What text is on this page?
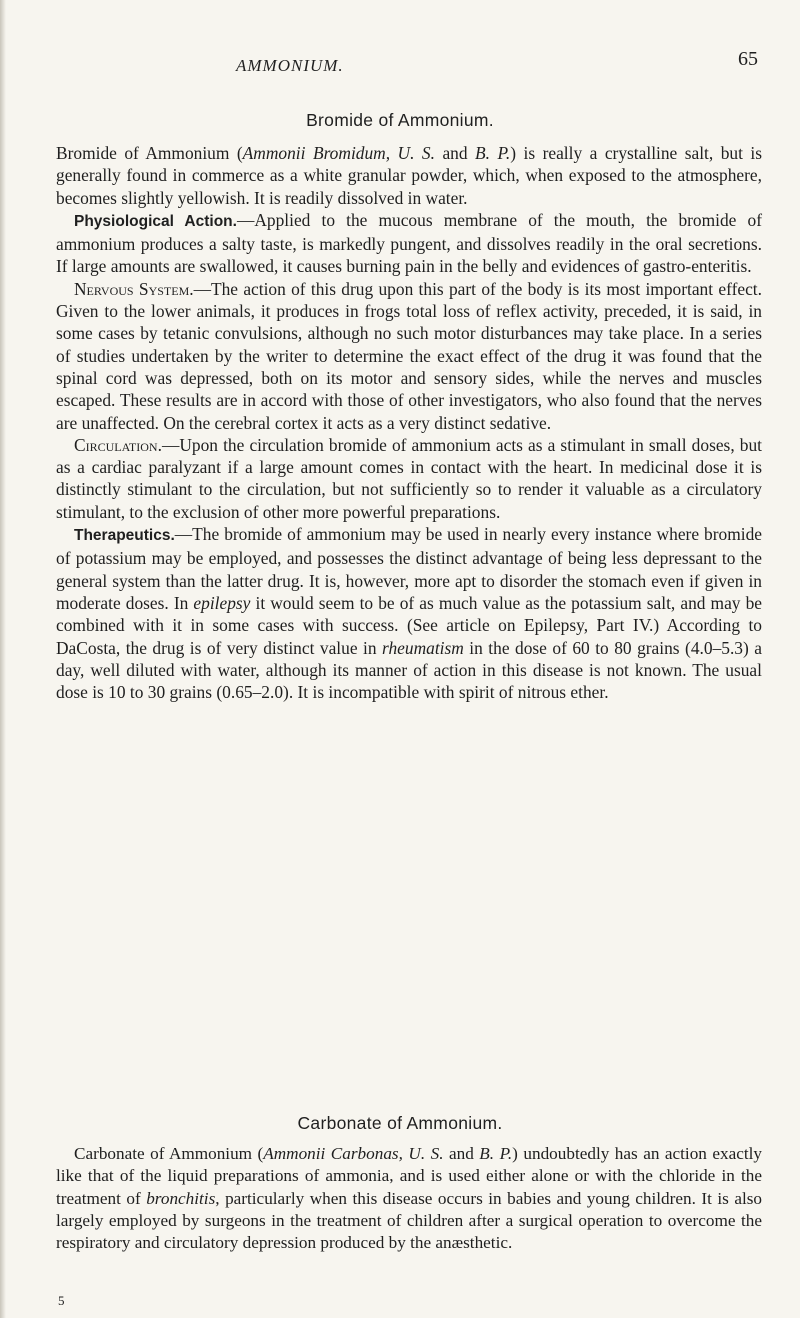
AMMONIUM.	65
Bromide of Ammonium.

Bromide of Ammonium (Ammonii Bromidum, U. S. and B. P.) is really a crystalline salt, but is generally found in commerce as a white granular powder, which, when exposed to the atmosphere, becomes slightly yellowish. It is readily dissolved in water.

Physiological Action.—Applied to the mucous membrane of the mouth, the bromide of ammonium produces a salty taste, is markedly pungent, and dissolves readily in the oral secretions. If large amounts are swallowed, it causes burning pain in the belly and evidences of gastro-enteritis.

Nervous System.—The action of this drug upon this part of the body is its most important effect. Given to the lower animals, it produces in frogs total loss of reflex activity, preceded, it is said, in some cases by tetanic convulsions, although no such motor disturbances may take place. In a series of studies undertaken by the writer to determine the exact effect of the drug it was found that the spinal cord was depressed, both on its motor and sensory sides, while the nerves and muscles escaped. These results are in accord with those of other investigators, who also found that the nerves are unaffected. On the cerebral cortex it acts as a very distinct sedative.

Circulation.—Upon the circulation bromide of ammonium acts as a stimulant in small doses, but as a cardiac paralyzant if a large amount comes in contact with the heart. In medicinal dose it is distinctly stimulant to the circulation, but not sufficiently so to render it valuable as a circulatory stimulant, to the exclusion of other more powerful preparations.

Therapeutics.—The bromide of ammonium may be used in nearly every instance where bromide of potassium may be employed, and possesses the distinct advantage of being less depressant to the general system than the latter drug. It is, however, more apt to disorder the stomach even if given in moderate doses. In epilepsy it would seem to be of as much value as the potassium salt, and may be combined with it in some cases with success. (See article on Epilepsy, Part IV.) According to DaCosta, the drug is of very distinct value in rheumatism in the dose of 60 to 80 grains (4.0–5.3) a day, well diluted with water, although its manner of action in this disease is not known. The usual dose is 10 to 30 grains (0.65–2.0). It is incompatible with spirit of nitrous ether.

Carbonate of Ammonium.

Carbonate of Ammonium (Ammonii Carbonas, U. S. and B. P.) undoubtedly has an action exactly like that of the liquid preparations of ammonia, and is used either alone or with the chloride in the treatment of bronchitis, particularly when this disease occurs in babies and young children. It is also largely employed by surgeons in the treatment of children after a surgical operation to overcome the respiratory and circulatory depression produced by the anæsthetic.

5
